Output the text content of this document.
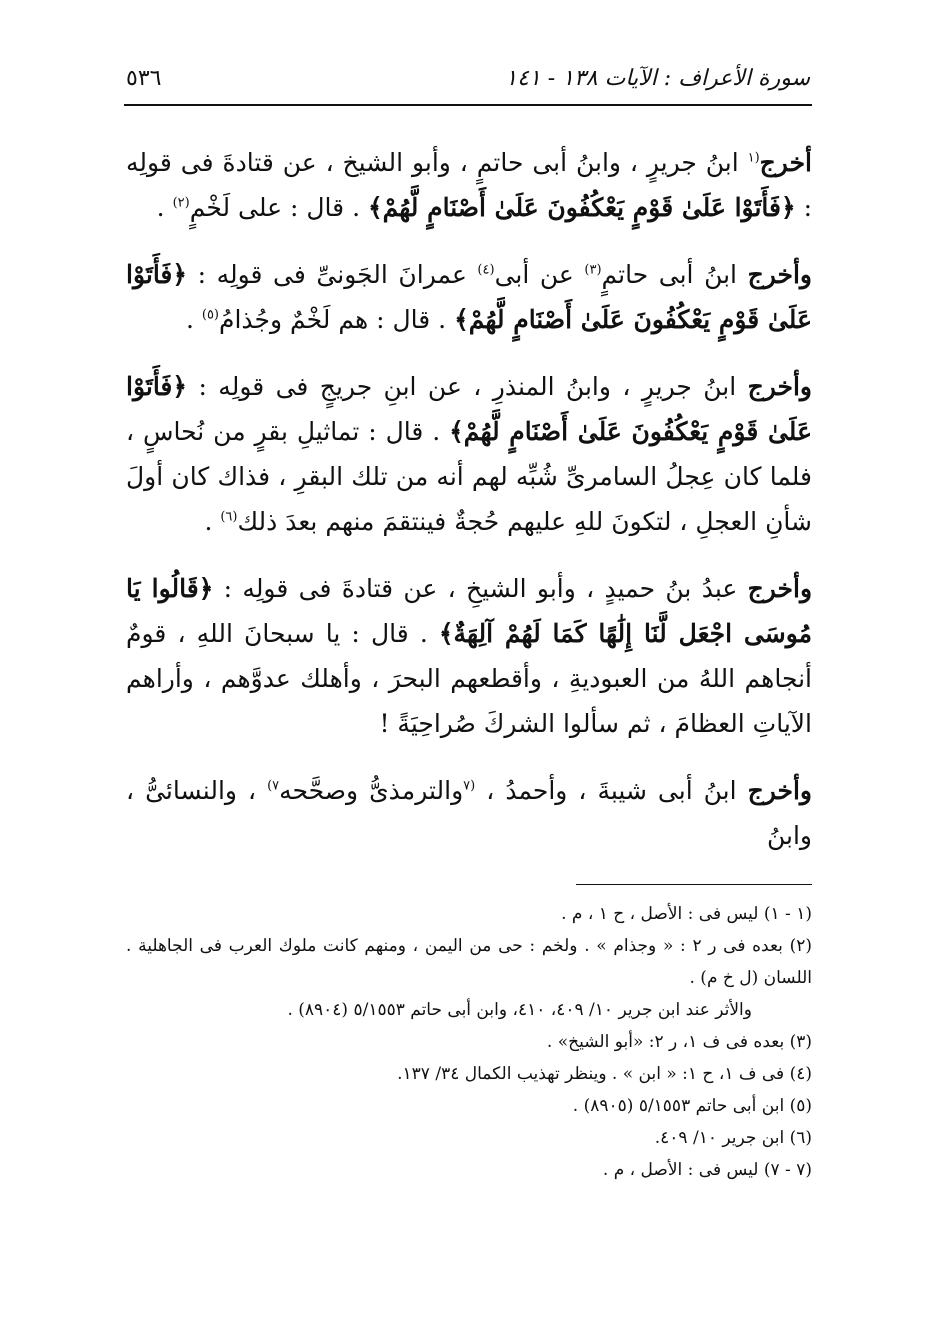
سورة الأعراف : الآيات ١٣٨ - ١٤١
٥٣٦

أخرج$^{(١}$ ابنُ جريرٍ ، وابنُ أبى حاتمٍ ، وأبو الشيخ ، عن قتادةَ فى قولِه : ﴿فَأَتَوْا عَلَىٰ قَوْمٍ يَعْكُفُونَ عَلَىٰ أَصْنَامٍ لَّهُمْ﴾ . قال : على لَخْمٍ$^{(٢)}$ .

وأخرج ابنُ أبى حاتمٍ$^{(٣)}$ عن أبى$^{(٤)}$ عمرانَ الجَونىِّ فى قولِه : ﴿فَأَتَوْا عَلَىٰ قَوْمٍ يَعْكُفُونَ عَلَىٰ أَصْنَامٍ لَّهُمْ﴾ . قال : هم لَخْمٌ وجُذامُ$^{(٥)}$ .

وأخرج ابنُ جريرٍ ، وابنُ المنذرِ ، عن ابنِ جريجٍ فى قولِه : ﴿فَأَتَوْا عَلَىٰ قَوْمٍ يَعْكُفُونَ عَلَىٰ أَصْنَامٍ لَّهُمْ﴾ . قال : تماثيلِ بقرٍ من نُحاسٍ ، فلما كان عِجلُ السامرىِّ شُبِّه لهم أنه من تلك البقرِ ، فذاك كان أولَ شأنِ العجلِ ، لتكونَ للهِ عليهم حُجةٌ فينتقمَ منهم بعدَ ذلك$^{(٦)}$ .

وأخرج عبدُ بنُ حميدٍ ، وأبو الشيخِ ، عن قتادةَ فى قولِه : ﴿قَالُوا يَا مُوسَى اجْعَل لَّنَا إِلَٰهًا كَمَا لَهُمْ آلِهَةٌ﴾ . قال : يا سبحانَ اللهِ ، قومٌ أنجاهم اللهُ من العبوديةِ ، وأقطعهم البحرَ ، وأهلك عدوَّهم ، وأراهم الآياتِ العظامَ ، ثم سألوا الشركَ صُراحِيَةً !

وأخرج ابنُ أبى شيبةَ ، وأحمدُ ، $^{(٧}$والترمذىُّ وصحَّحه$^{٧)}$ ، والنسائىُّ ، وابنُ

(١ - ١) ليس فى : الأصل ، ح ١ ، م .

(٢) بعده فى ر ٢ : « وجذام » . ولخم : حى من اليمن ، ومنهم كانت ملوك العرب فى الجاهلية . اللسان (ل خ م) .

والأثر عند ابن جرير ١٠/ ٤٠٩، ٤١٠، وابن أبى حاتم ٥/١٥٥٣ (٨٩٠٤) .

(٣) بعده فى ف ١، ر ٢: «أبو الشيخ» .

(٤) فى ف ١، ح ١: « ابن » . وينظر تهذيب الكمال ٣٤/ ١٣٧.

(٥) ابن أبى حاتم ٥/١٥٥٣ (٨٩٠٥) .

(٦) ابن جرير ١٠/ ٤٠٩.

(٧ - ٧) ليس فى : الأصل ، م .
